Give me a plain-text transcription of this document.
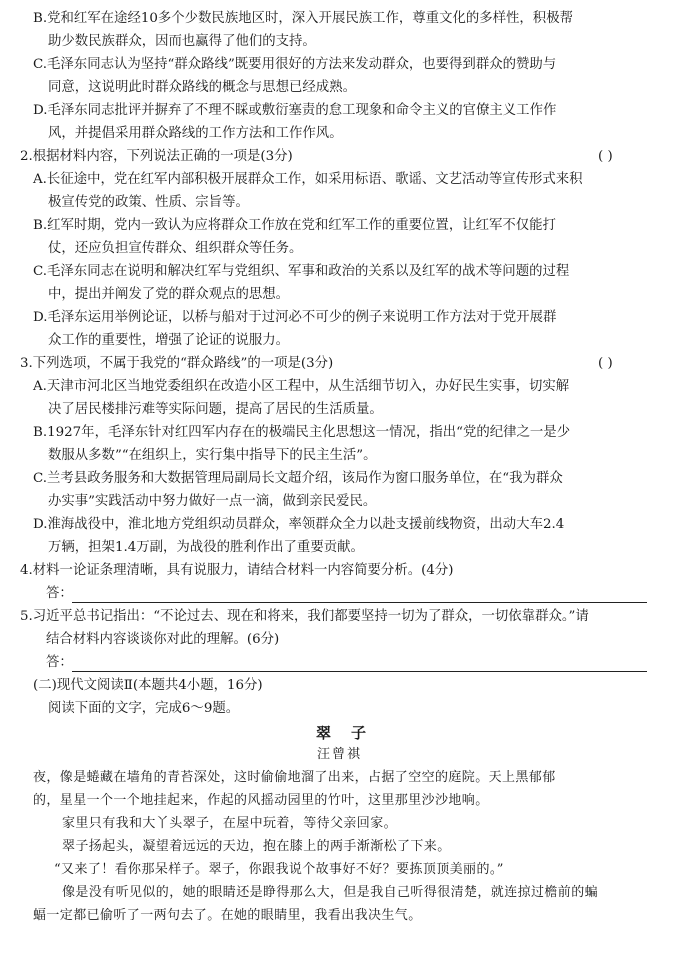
B.党和红军在途经10多个少数民族地区时，深入开展民族工作，尊重文化的多样性，积极帮
助少数民族群众，因而也赢得了他们的支持。
C.毛泽东同志认为坚持“群众路线”既要用很好的方法来发动群众，也要得到群众的赞助与
同意，这说明此时群众路线的概念与思想已经成熟。
D.毛泽东同志批评并摒弃了不理不睬或敷衍塞责的怠工现象和命令主义的官僚主义工作作
风，并提倡采用群众路线的工作方法和工作作风。
2.根据材料内容，下列说法正确的一项是(3分)	( )
A.长征途中，党在红军内部积极开展群众工作，如采用标语、歌谣、文艺活动等宣传形式来积
极宣传党的政策、性质、宗旨等。
B.红军时期，党内一致认为应将群众工作放在党和红军工作的重要位置，让红军不仅能打
仗，还应负担宣传群众、组织群众等任务。
C.毛泽东同志在说明和解决红军与党组织、军事和政治的关系以及红军的战术等问题的过程
中，提出并阐发了党的群众观点的思想。
D.毛泽东运用举例论证，以桥与船对于过河必不可少的例子来说明工作方法对于党开展群
众工作的重要性，增强了论证的说服力。
3.下列选项，不属于我党的“群众路线”的一项是(3分)	( )
A.天津市河北区当地党委组织在改造小区工程中，从生活细节切入，办好民生实事，切实解
决了居民楼排污难等实际问题，提高了居民的生活质量。
B.1927年，毛泽东针对红四军内存在的极端民主化思想这一情况，指出“党的纪律之一是少
数服从多数”“在组织上，实行集中指导下的民主生活”。
C.兰考县政务服务和大数据管理局副局长文超介绍，该局作为窗口服务单位，在“我为群众
办实事”实践活动中努力做好一点一滴，做到亲民爱民。
D.淮海战役中，淮北地方党组织动员群众，率领群众全力以赴支援前线物资，出动大车2.4
万辆，担架1.4万副，为战役的胜利作出了重要贡献。
4.材料一论证条理清晰，具有说服力，请结合材料一内容简要分析。(4分)
答：
5.习近平总书记指出：“不论过去、现在和将来，我们都要坚持一切为了群众，一切依靠群众。”请
结合材料内容谈谈你对此的理解。(6分)
答：
(二)现代文阅读Ⅱ(本题共4小题，16分)
阅读下面的文字，完成6～9题。
翠子
汪曾祺
夜，像是蜷藏在墙角的青苔深处，这时偷偷地溜了出来，占据了空空的庭院。天上黑郁郁
的，星星一个一个地挂起来，作起的风摇动园里的竹叶，这里那里沙沙地响。
家里只有我和大丫头翠子，在屋中玩着，等待父亲回家。
翠子扬起头，凝望着远远的天边，抱在膝上的两手渐渐松了下来。
“又来了！看你那呆样子。翠子，你跟我说个故事好不好？要拣顶顶美丽的。”
像是没有听见似的，她的眼睛还是睁得那么大，但是我自己听得很清楚，就连掠过檐前的蝙
蝠一定都已偷听了一两句去了。在她的眼睛里，我看出我决生气。
